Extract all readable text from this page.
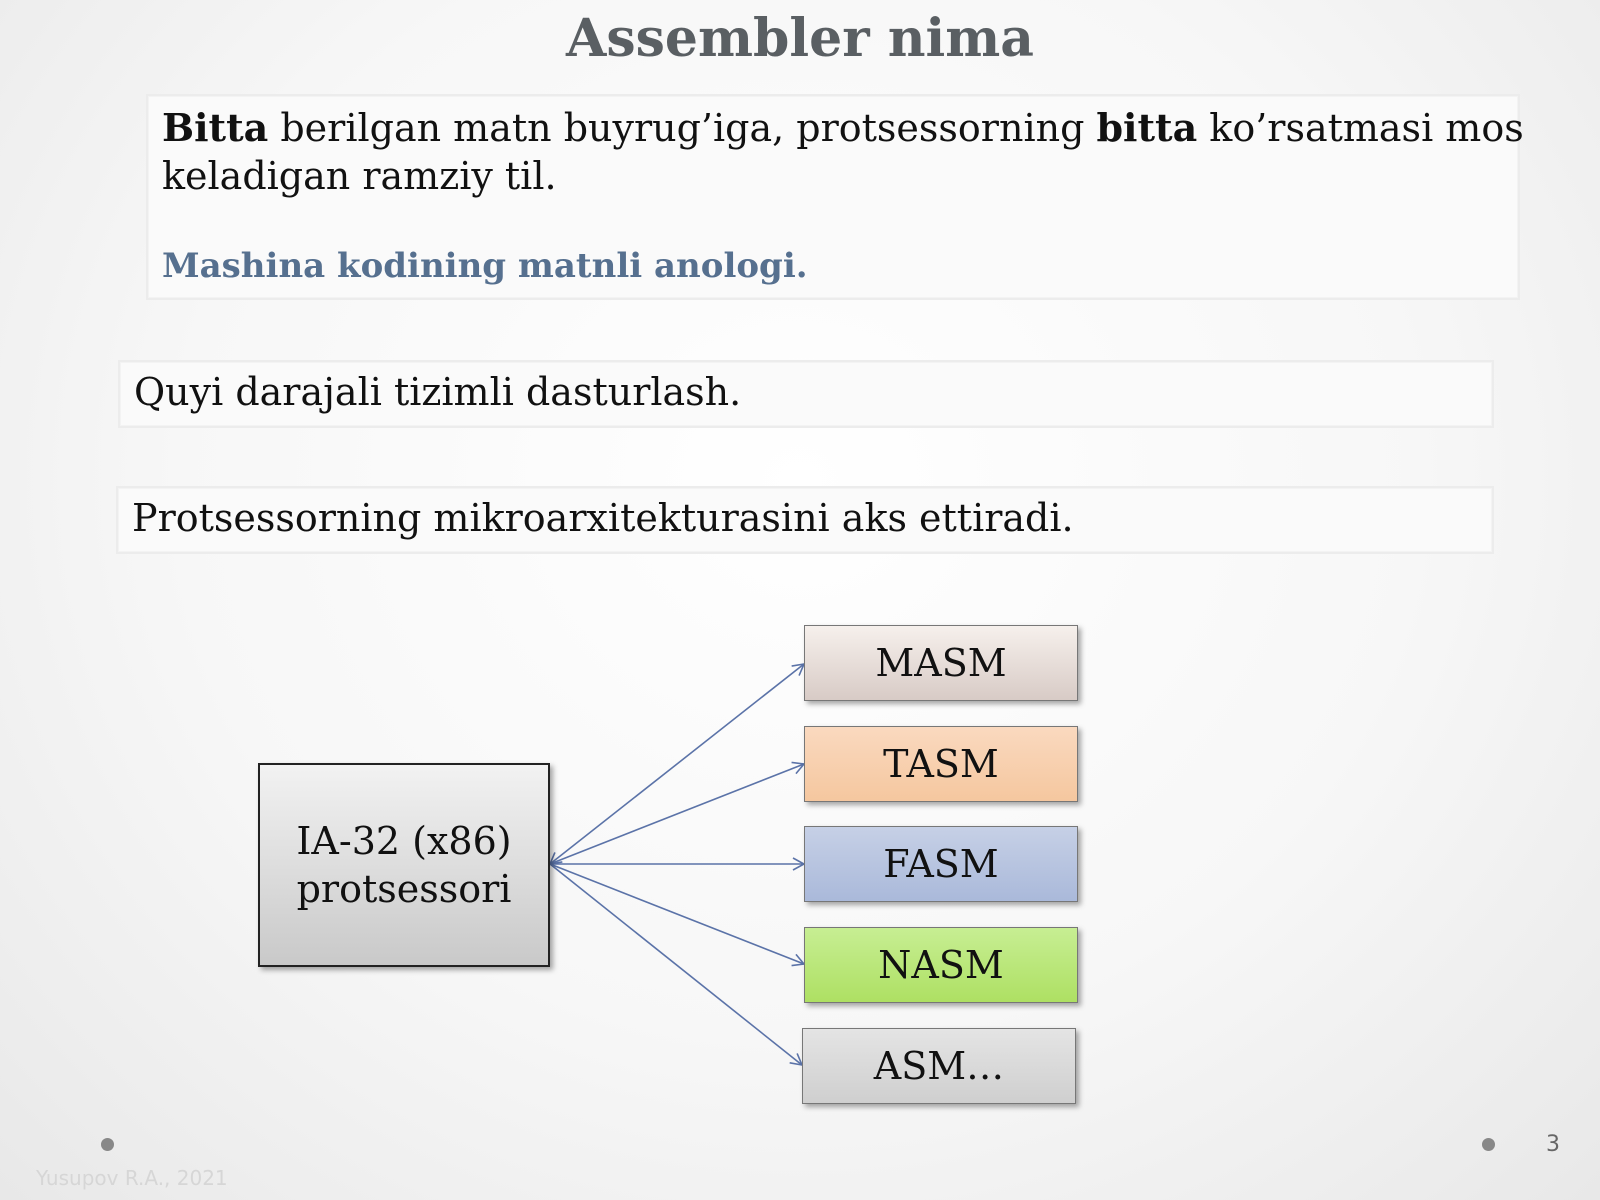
Assembler nima
Bitta berilgan matn buyrug’iga, protsessorning bitta ko’rsatmasi mos
keladigan ramziy til.
Mashina kodining matnli anologi.
Quyi darajali tizimli dasturlash.
Protsessorning mikroarxitekturasini aks ettiradi.
IA-32 (x86)
protsessori
MASM
TASM
FASM
NASM
ASM…
Yusupov R.A., 2021
3
